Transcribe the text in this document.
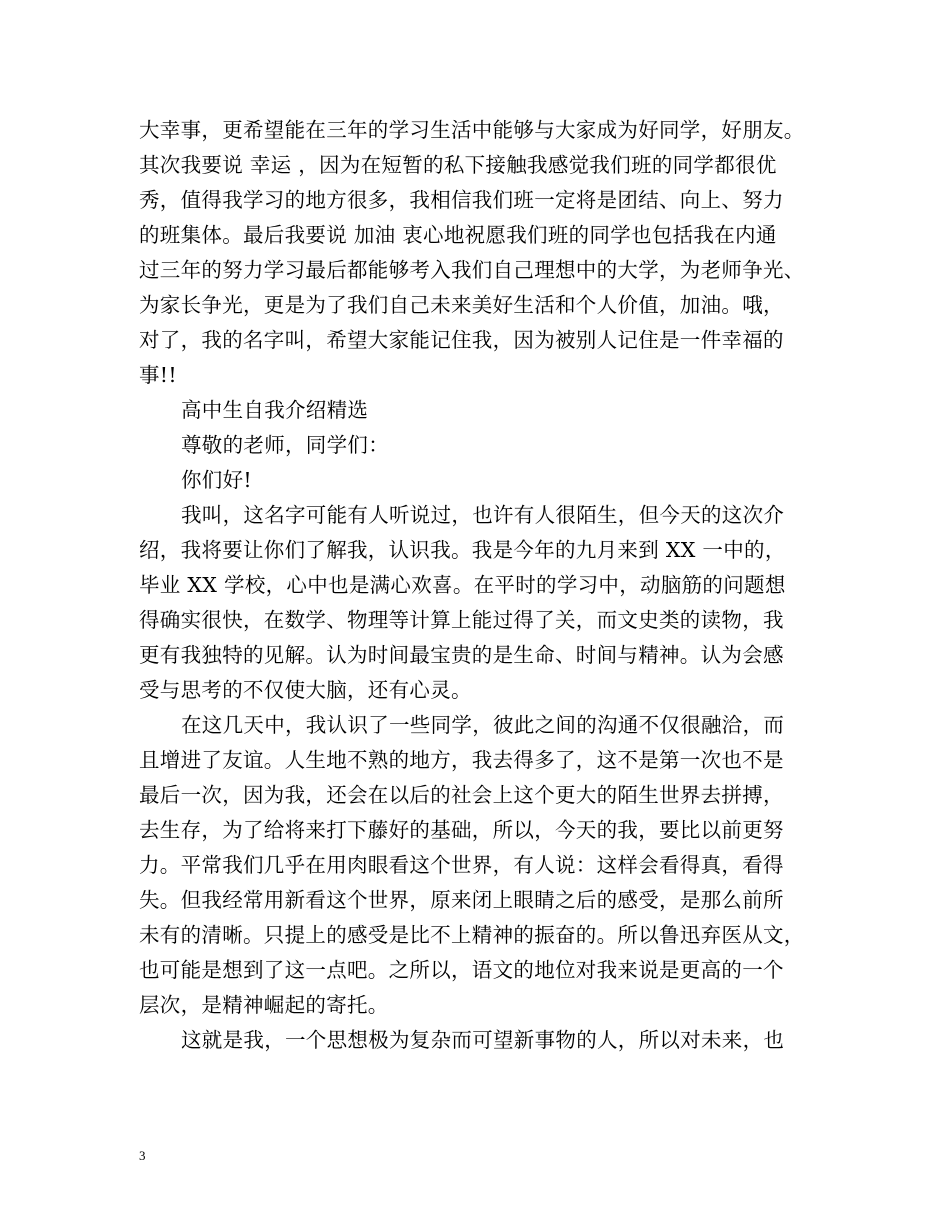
大幸事，更希望能在三年的学习生活中能够与大家成为好同学，好朋友。
其次我要说 幸运 ，因为在短暂的私下接触我感觉我们班的同学都很优
秀，值得我学习的地方很多，我相信我们班一定将是团结、向上、努力
的班集体。最后我要说 加油 衷心地祝愿我们班的同学也包括我在内通
过三年的努力学习最后都能够考入我们自己理想中的大学，为老师争光、
为家长争光，更是为了我们自己未来美好生活和个人价值，加油。哦，
对了，我的名字叫，希望大家能记住我，因为被别人记住是一件幸福的
事!!
高中生自我介绍精选
尊敬的老师，同学们：
你们好!
我叫，这名字可能有人听说过，也许有人很陌生，但今天的这次介
绍，我将要让你们了解我，认识我。我是今年的九月来到 XX 一中的，
毕业 XX 学校，心中也是满心欢喜。在平时的学习中，动脑筋的问题想
得确实很快，在数学、物理等计算上能过得了关，而文史类的读物，我
更有我独特的见解。认为时间最宝贵的是生命、时间与精神。认为会感
受与思考的不仅使大脑，还有心灵。
在这几天中，我认识了一些同学，彼此之间的沟通不仅很融洽，而
且增进了友谊。人生地不熟的地方，我去得多了，这不是第一次也不是
最后一次，因为我，还会在以后的社会上这个更大的陌生世界去拼搏，
去生存，为了给将来打下藤好的基础，所以，今天的我，要比以前更努
力。平常我们几乎在用肉眼看这个世界，有人说：这样会看得真，看得
失。但我经常用新看这个世界，原来闭上眼睛之后的感受，是那么前所
未有的清晰。只提上的感受是比不上精神的振奋的。所以鲁迅弃医从文，
也可能是想到了这一点吧。之所以，语文的地位对我来说是更高的一个
层次，是精神崛起的寄托。
这就是我，一个思想极为复杂而可望新事物的人，所以对未来，也
3
